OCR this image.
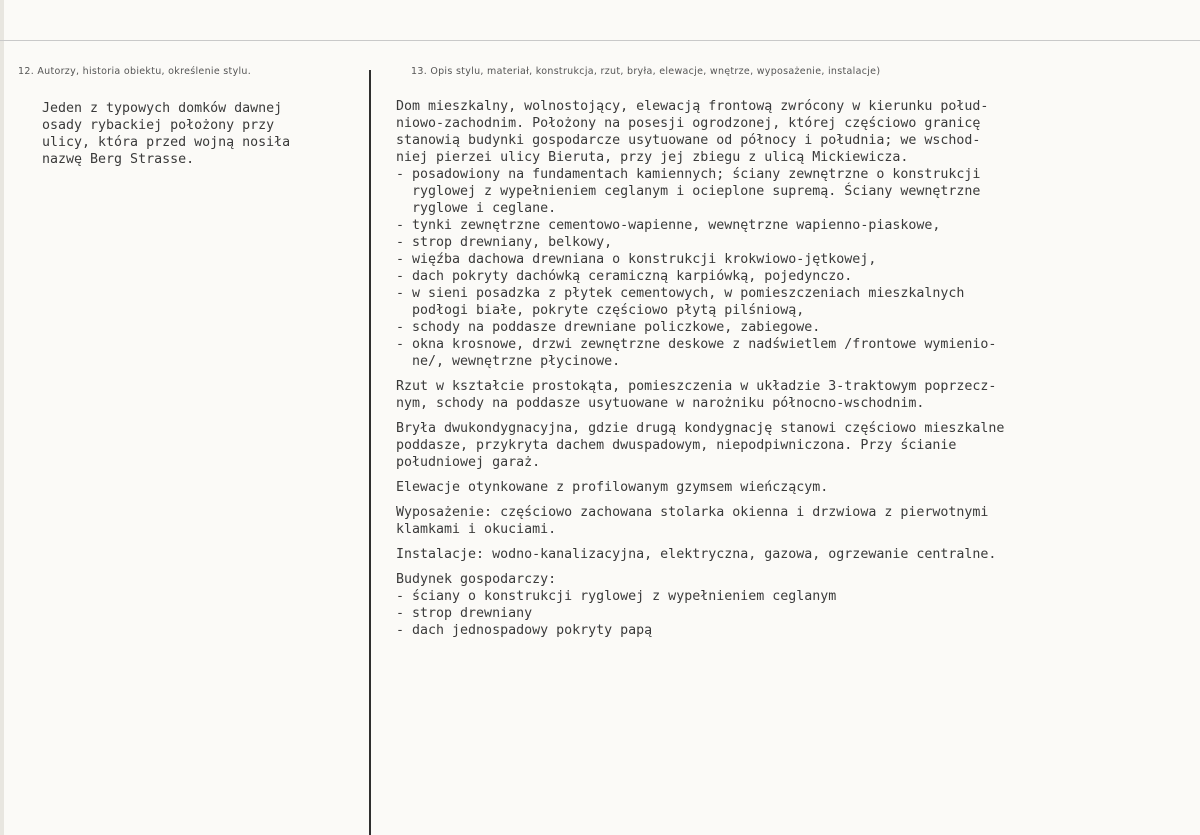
12. Autorzy, historia obiektu, określenie stylu.	13. Opis stylu, materiał, konstrukcja, rzut, bryła, elewacje, wnętrze, wyposażenie, instalacje)
Jeden z typowych domków dawnej
osady rybackiej położony przy
ulicy, która przed wojną nosiła
nazwę Berg Strasse.
Dom mieszkalny, wolnostojący, elewacją frontową zwrócony w kierunku połud-
niowo-zachodnim. Położony na posesji ogrodzonej, której częściowo granicę
stanowią budynki gospodarcze usytuowane od północy i południa; we wschod-
niej pierzei ulicy Bieruta, przy jej zbiegu z ulicą Mickiewicza.
- posadowiony na fundamentach kamiennych; ściany zewnętrzne o konstrukcji
ryglowej z wypełnieniem ceglanym i ocieplone supremą. Ściany wewnętrzne
ryglowe i ceglane.
- tynki zewnętrzne cementowo-wapienne, wewnętrzne wapienno-piaskowe,
- strop drewniany, belkowy,
- więźba dachowa drewniana o konstrukcji krokwiowo-jętkowej,
- dach pokryty dachówką ceramiczną karpiówką, pojedynczo.
- w sieni posadzka z płytek cementowych, w pomieszczeniach mieszkalnych
podłogi białe, pokryte częściowo płytą pilśniową,
- schody na poddasze drewniane policzkowe, zabiegowe.
- okna krosnowe, drzwi zewnętrzne deskowe z nadświetlem /frontowe wymienio-
ne/, wewnętrzne płycinowe.
Rzut w kształcie prostokąta, pomieszczenia w układzie 3-traktowym poprzecz-
nym, schody na poddasze usytuowane w narożniku północno-wschodnim.
Bryła dwukondygnacyjna, gdzie drugą kondygnację stanowi częściowo mieszkalne
poddasze, przykryta dachem dwuspadowym, niepodpiwniczona. Przy ścianie
południowej garaż.
Elewacje otynkowane z profilowanym gzymsem wieńczącym.
Wyposażenie: częściowo zachowana stolarka okienna i drzwiowa z pierwotnymi
klamkami i okuciami.
Instalacje: wodno-kanalizacyjna, elektryczna, gazowa, ogrzewanie centralne.
Budynek gospodarczy:
- ściany o konstrukcji ryglowej z wypełnieniem ceglanym
- strop drewniany
- dach jednospadowy pokryty papą
